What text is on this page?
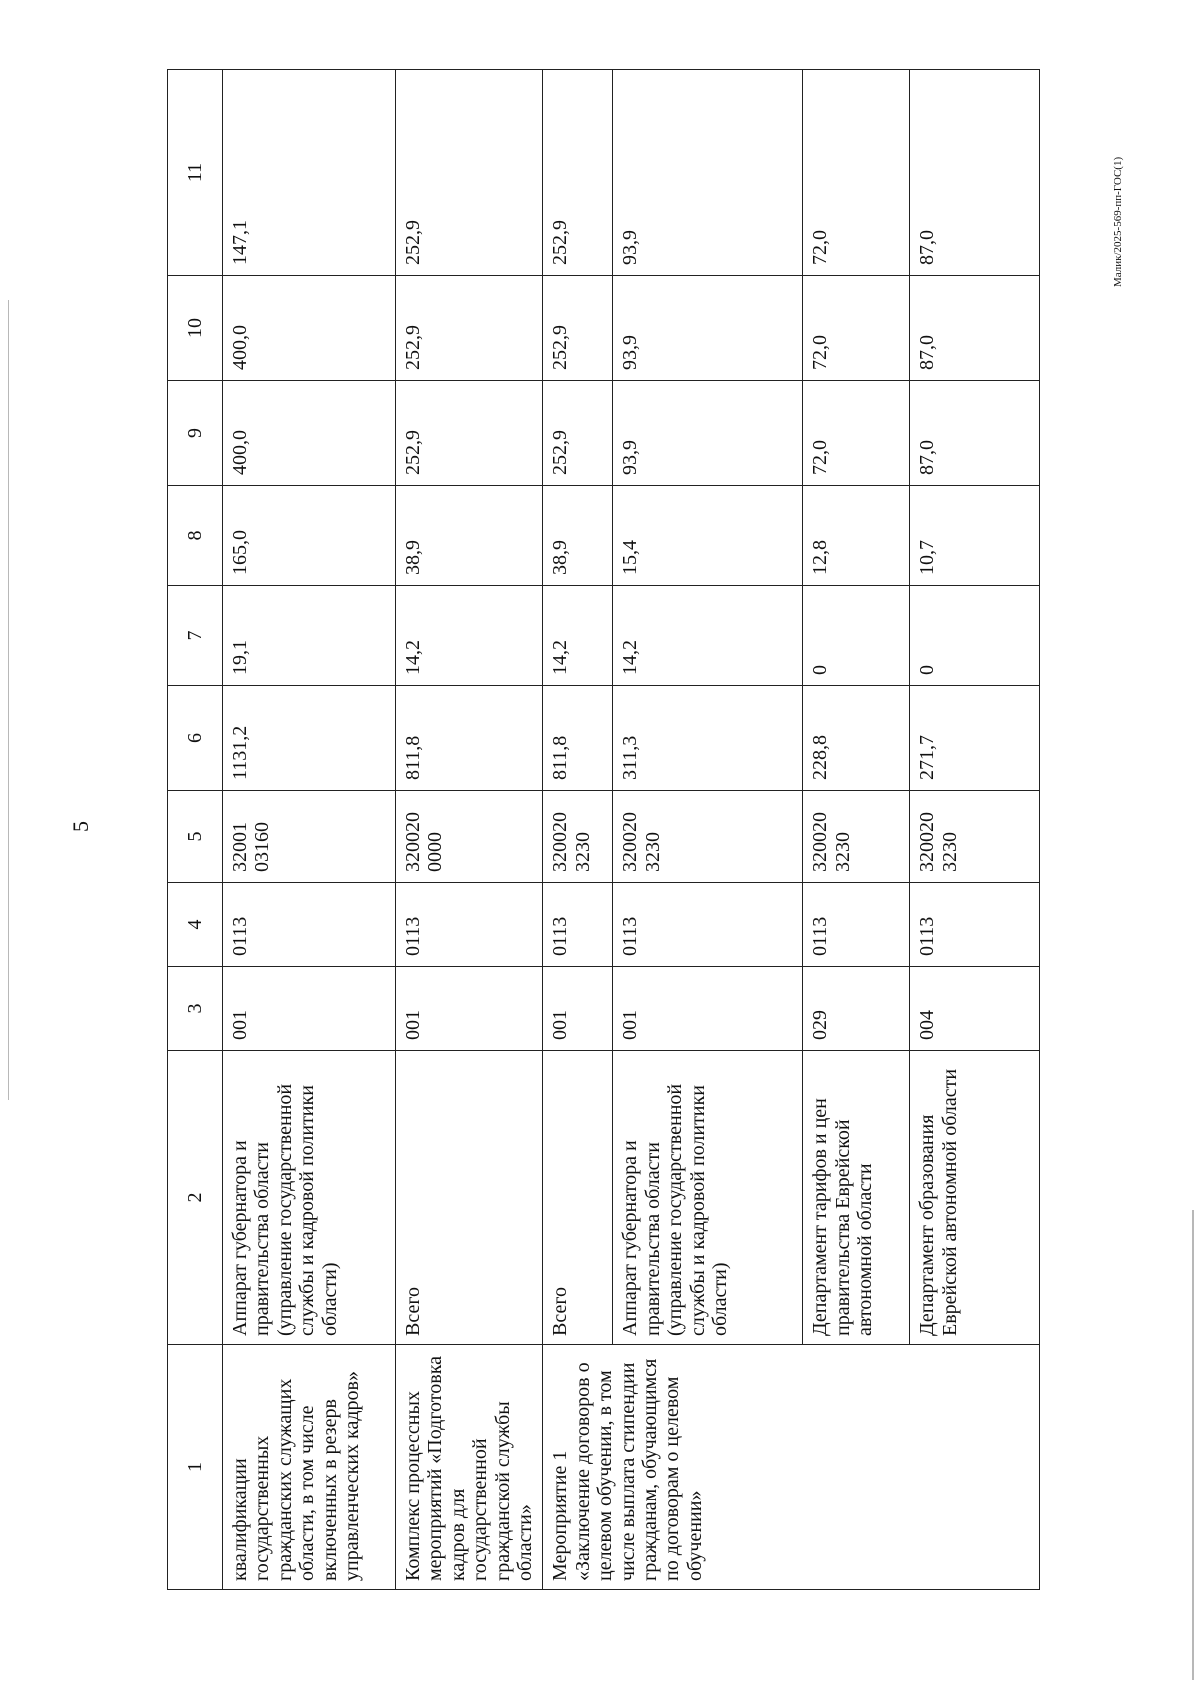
5
Малик/2025-569-пп-ГОС(1)
1	2	3	4	5	6	7	8	9	10	11
квалификации государственных гражданских служащих области, в том числе включенных в резерв управленческих кадров»	Аппарат губернатора и правительства области (управление государственной службы и кадровой политики области)	001	0113	32001 03160	1131,2	19,1	165,0	400,0	400,0	147,1
Комплекс процессных мероприятий «Подготовка кадров для государственной гражданской службы области»	Всего	001	0113	320020 0000	811,8	14,2	38,9	252,9	252,9	252,9
Мероприятие 1 «Заключение договоров о целевом обучении, в том числе выплата стипендии гражданам, обучающимся по договорам о целевом обучении»	Всего	001	0113	320020 3230	811,8	14,2	38,9	252,9	252,9	252,9
	Аппарат губернатора и правительства области (управление государственной службы и кадровой политики области)	001	0113	320020 3230	311,3	14,2	15,4	93,9	93,9	93,9
	Департамент тарифов и цен правительства Еврейской автономной области	029	0113	320020 3230	228,8	0	12,8	72,0	72,0	72,0
	Департамент образования Еврейской автономной области	004	0113	320020 3230	271,7	0	10,7	87,0	87,0	87,0
